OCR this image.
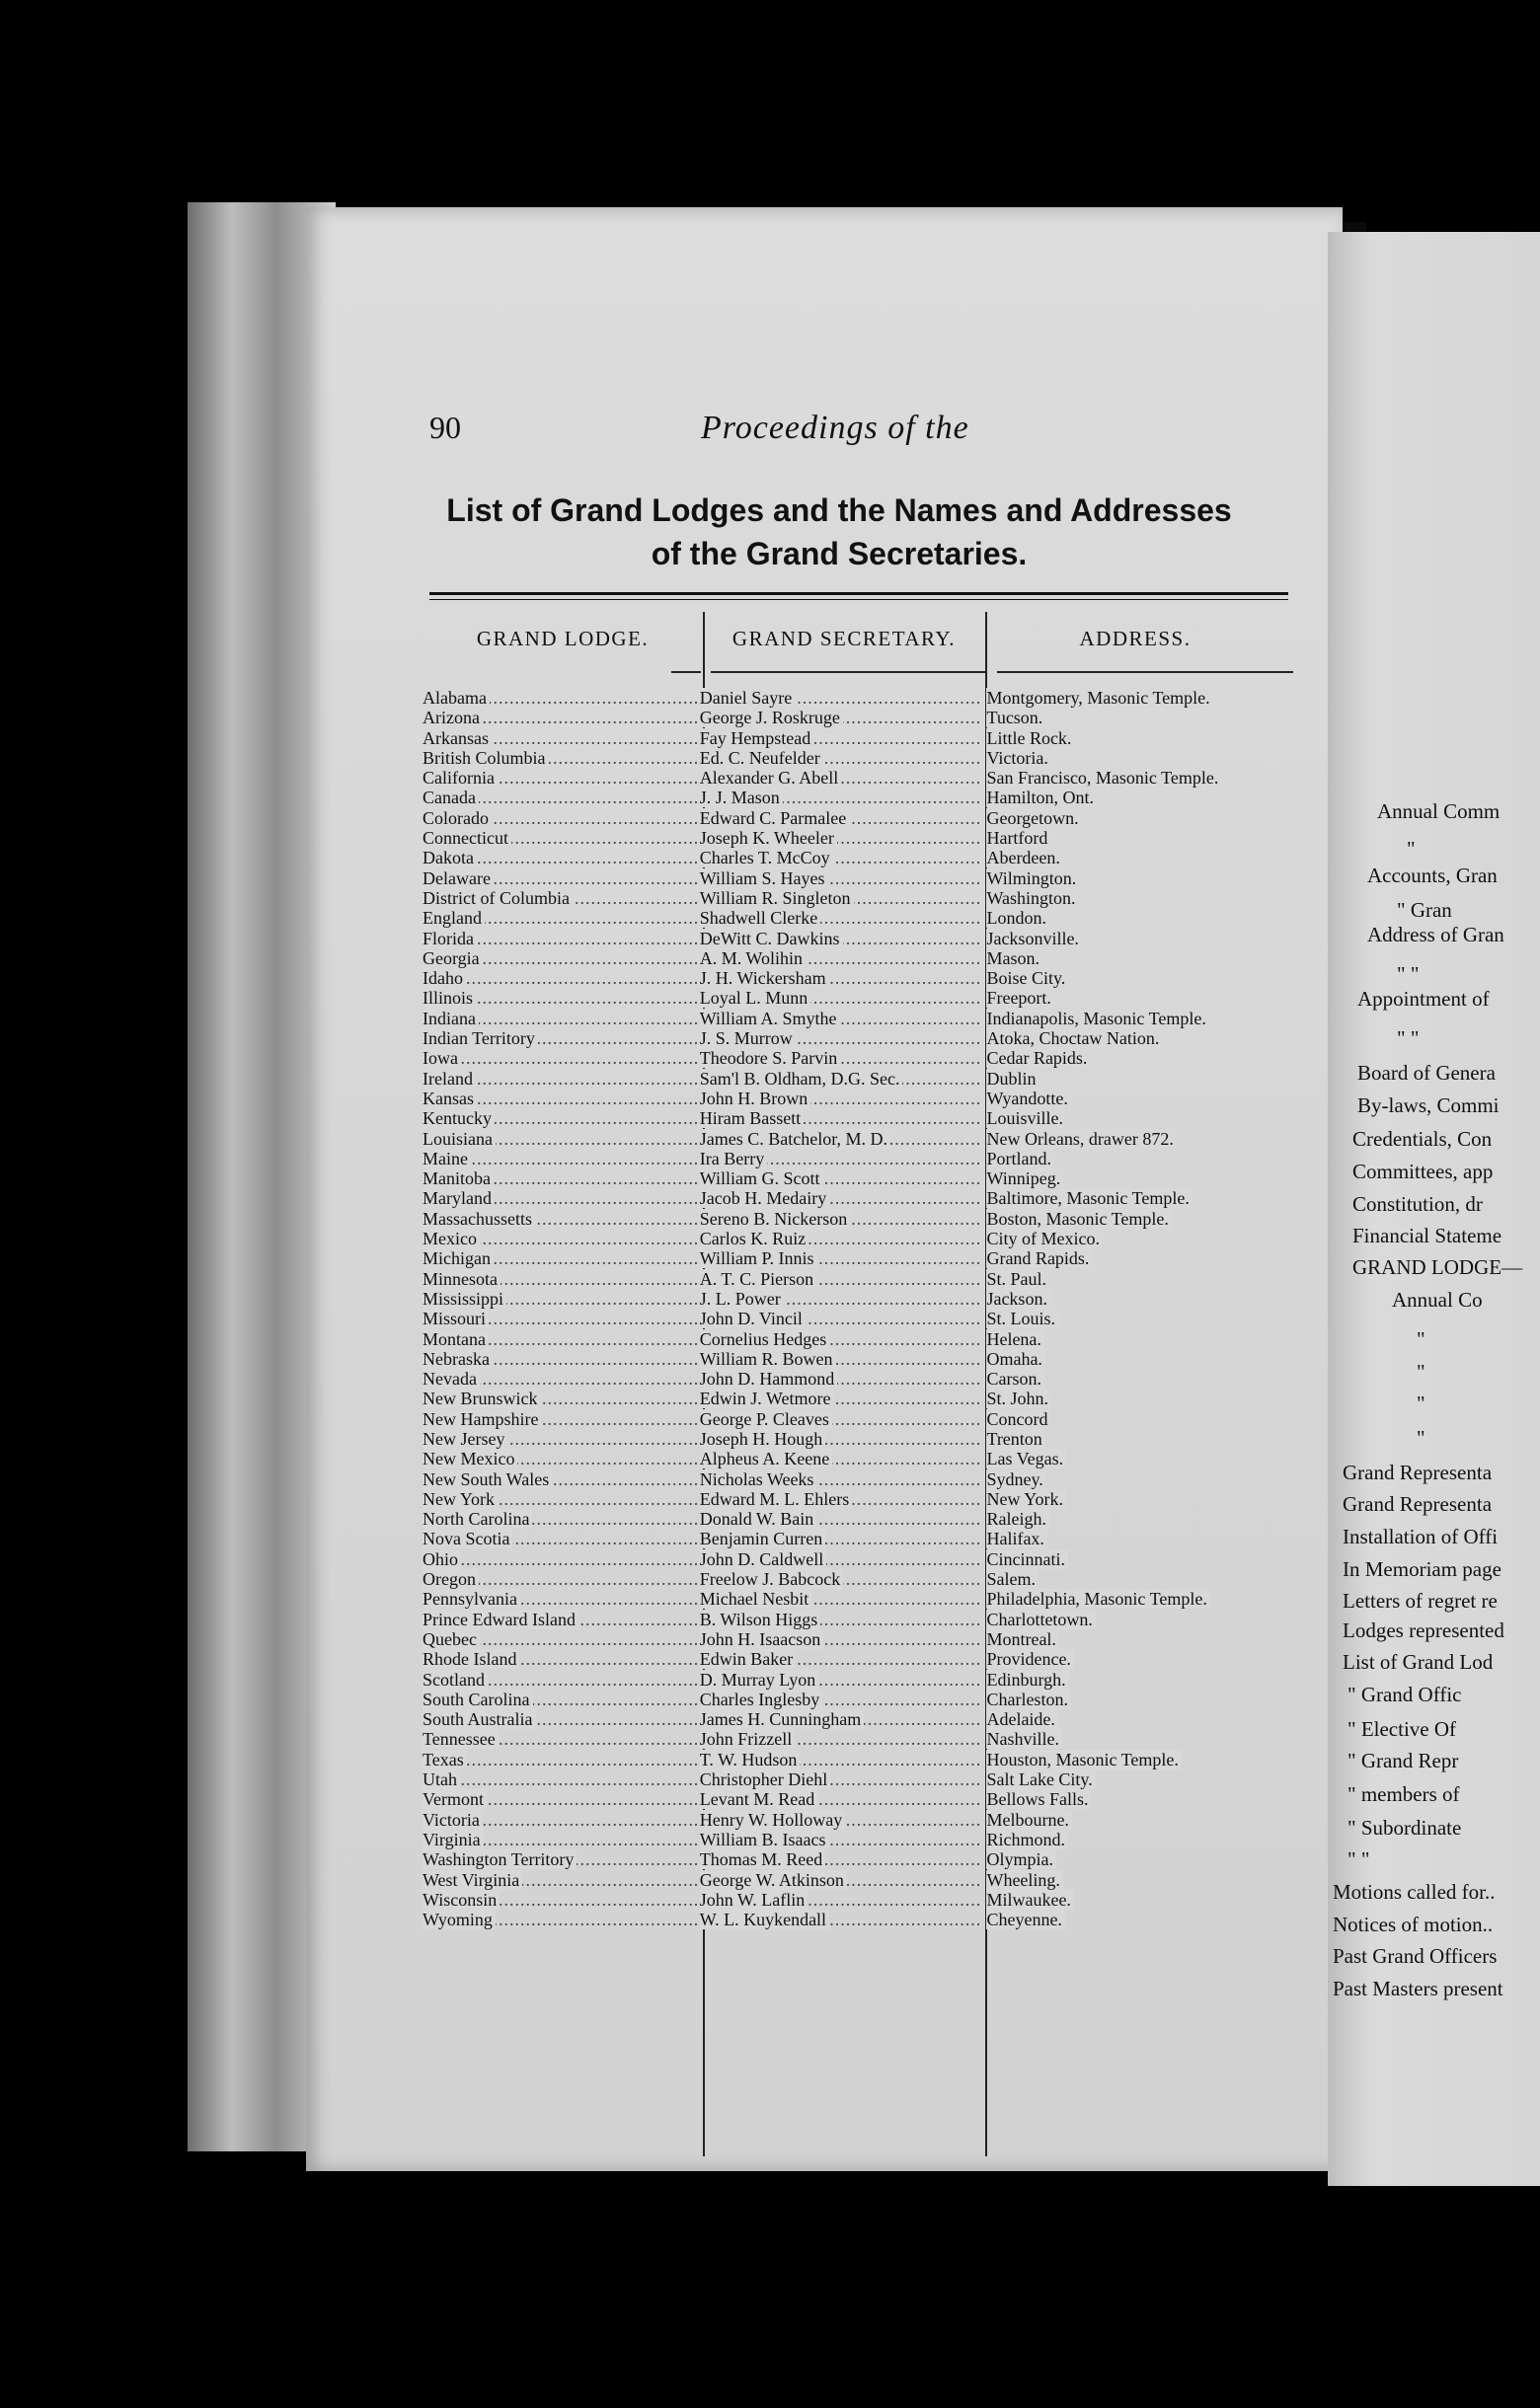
90	Proceedings of the
List of Grand Lodges and the Names and Addresses
of the Grand Secretaries.
GRAND LODGE.	GRAND SECRETARY.	ADDRESS.
Alabama .....	Daniel Sayre .....	Montgomery, Masonic Temple.
Arizona .....	George J. Roskruge .....	Tucson.
Arkansas .....	Fay Hempstead .....	Little Rock.
British Columbia .....	Ed. C. Neufelder .....	Victoria.
California .....	Alexander G. Abell .....	San Francisco, Masonic Temple.
Canada .....	J. J. Mason .....	Hamilton, Ont.
Colorado .....	Edward C. Parmalee .....	Georgetown.
Connecticut .....	Joseph K. Wheeler .....	Hartford
Dakota .....	Charles T. McCoy .....	Aberdeen.
Delaware .....	William S. Hayes .....	Wilmington.
District of Columbia .....	William R. Singleton .....	Washington.
England .....	Shadwell Clerke .....	London.
Florida .....	DeWitt C. Dawkins .....	Jacksonville.
Georgia .....	A. M. Wolihin .....	Mason.
Idaho .....	J. H. Wickersham .....	Boise City.
Illinois .....	Loyal L. Munn .....	Freeport.
Indiana .....	William A. Smythe .....	Indianapolis, Masonic Temple.
Indian Territory .....	J. S. Murrow .....	Atoka, Choctaw Nation.
Iowa .....	Theodore S. Parvin .....	Cedar Rapids.
Ireland .....	Sam'l B. Oldham, D.G. Sec. .....	Dublin
Kansas .....	John H. Brown .....	Wyandotte.
Kentucky .....	Hiram Bassett .....	Louisville.
Louisiana .....	James C. Batchelor, M. D. .....	New Orleans, drawer 872.
Maine .....	Ira Berry .....	Portland.
Manitoba .....	William G. Scott .....	Winnipeg.
Maryland .....	Jacob H. Medairy .....	Baltimore, Masonic Temple.
Massachussetts .....	Sereno B. Nickerson .....	Boston, Masonic Temple.
Mexico .....	Carlos K. Ruiz .....	City of Mexico.
Michigan .....	William P. Innis .....	Grand Rapids.
Minnesota .....	A. T. C. Pierson .....	St. Paul.
Mississippi .....	J. L. Power .....	Jackson.
Missouri .....	John D. Vincil .....	St. Louis.
Montana .....	Cornelius Hedges .....	Helena.
Nebraska .....	William R. Bowen .....	Omaha.
Nevada .....	John D. Hammond .....	Carson.
New Brunswick .....	Edwin J. Wetmore .....	St. John.
New Hampshire .....	George P. Cleaves .....	Concord
New Jersey .....	Joseph H. Hough .....	Trenton
New Mexico .....	Alpheus A. Keene .....	Las Vegas.
New South Wales .....	Nicholas Weeks .....	Sydney.
New York .....	Edward M. L. Ehlers .....	New York.
North Carolina .....	Donald W. Bain .....	Raleigh.
Nova Scotia .....	Benjamin Curren .....	Halifax.
Ohio .....	John D. Caldwell .....	Cincinnati.
Oregon .....	Freelow J. Babcock .....	Salem.
Pennsylvania .....	Michael Nesbit .....	Philadelphia, Masonic Temple.
Prince Edward Island .....	B. Wilson Higgs .....	Charlottetown.
Quebec .....	John H. Isaacson .....	Montreal.
Rhode Island .....	Edwin Baker .....	Providence.
Scotland .....	D. Murray Lyon .....	Edinburgh.
South Carolina .....	Charles Inglesby .....	Charleston.
South Australia .....	James H. Cunningham .....	Adelaide.
Tennessee .....	John Frizzell .....	Nashville.
Texas .....	T. W. Hudson .....	Houston, Masonic Temple.
Utah .....	Christopher Diehl .....	Salt Lake City.
Vermont .....	Levant M. Read .....	Bellows Falls.
Victoria .....	Henry W. Holloway .....	Melbourne.
Virginia .....	William B. Isaacs .....	Richmond.
Washington Territory .....	Thomas M. Reed .....	Olympia.
West Virginia .....	George W. Atkinson .....	Wheeling.
Wisconsin .....	John W. Laflin .....	Milwaukee.
Wyoming .....	W. L. Kuykendall .....	Cheyenne.
Annual Comm
"
Accounts, Gran
" Gran
Address of Gran
" "
Appointment of
" "
Board of Genera
By-laws, Commi
Credentials, Con
Committees, app
Constitution, dr
Financial Stateme
GRAND LODGE—
Annual Co
"
"
"
"
Grand Representa
Grand Representa
Installation of Offi
In Memoriam page
Letters of regret re
Lodges represented
List of Grand Lod
" Grand Offic
" Elective Of
" Grand Repr
" members of
" Subordinate
" "
Motions called for..
Notices of motion..
Past Grand Officers
Past Masters present
